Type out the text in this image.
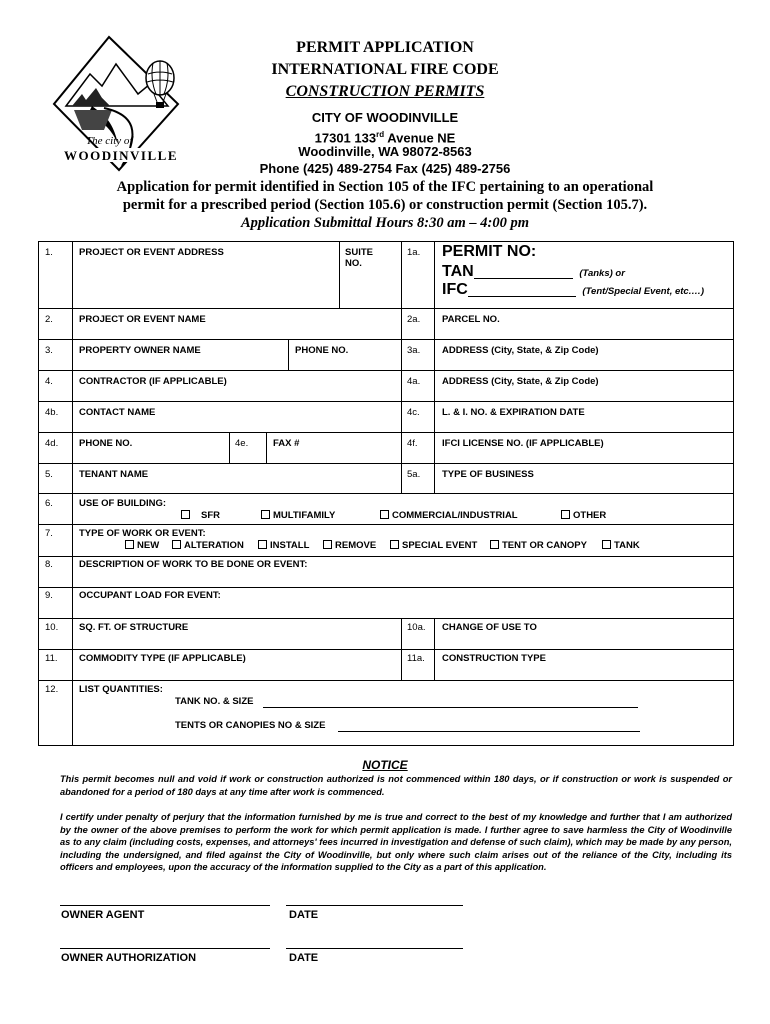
The city of
WOODINVILLE
PERMIT APPLICATION
INTERNATIONAL FIRE CODE
CONSTRUCTION PERMITS
CITY OF WOODINVILLE
17301 133rd Avenue NE
Woodinville, WA 98072-8563
Phone (425) 489-2754 Fax (425) 489-2756
Application for permit identified in Section 105 of the IFC pertaining to an operational
permit for a prescribed period (Section 105.6) or construction permit (Section 105.7).
Application Submittal Hours 8:30 am – 4:00 pm
1.	PROJECT OR EVENT ADDRESS	SUITE
NO.
1a. PERMIT NO:
TAN	(Tanks) or
IFC	(Tent/Special Event, etc.…)
2.	PROJECT OR EVENT NAME	2a. PARCEL NO.
3.	PROPERTY OWNER NAME	PHONE NO.	3a. ADDRESS (City, State, & Zip Code)
4.	CONTRACTOR (IF APPLICABLE)	4a. ADDRESS (City, State, & Zip Code)
4b. CONTACT NAME	4c. L. & I. NO. & EXPIRATION DATE
4d. PHONE NO.	4e.	FAX #	4f.	IFCI LICENSE NO. (IF APPLICABLE)
5.	TENANT NAME	5a. TYPE OF BUSINESS
6.	USE OF BUILDING:
SFR	MULTIFAMILY	COMMERCIAL/INDUSTRIAL	OTHER
7.	TYPE OF WORK OR EVENT:
NEW	ALTERATION	INSTALL	REMOVE	SPECIAL EVENT	TENT OR CANOPY	TANK
8.	DESCRIPTION OF WORK TO BE DONE OR EVENT:
9.	OCCUPANT LOAD FOR EVENT:
10. SQ. FT. OF STRUCTURE	10a. CHANGE OF USE TO
11. COMMODITY TYPE (IF APPLICABLE)	11a. CONSTRUCTION TYPE
12. LIST QUANTITIES:
TANK NO. & SIZE
TENTS OR CANOPIES NO & SIZE
NOTICE
This permit becomes null and void if work or construction authorized is not commenced within 180 days, or if construction or work is suspended or abandoned for a period of 180 days at any time after work is commenced.
I certify under penalty of perjury that the information furnished by me is true and correct to the best of my knowledge and further that I am authorized by the owner of the above premises to perform the work for which permit application is made. I further agree to save harmless the City of Woodinville as to any claim (including costs, expenses, and attorneys' fees incurred in investigation and defense of such claim), which may be made by any person, including the undersigned, and filed against the City of Woodinville, but only where such claim arises out of the reliance of the City, including its officers and employees, upon the accuracy of the information supplied to the City as a part of this application.
OWNER AGENT	DATE
OWNER AUTHORIZATION	DATE
